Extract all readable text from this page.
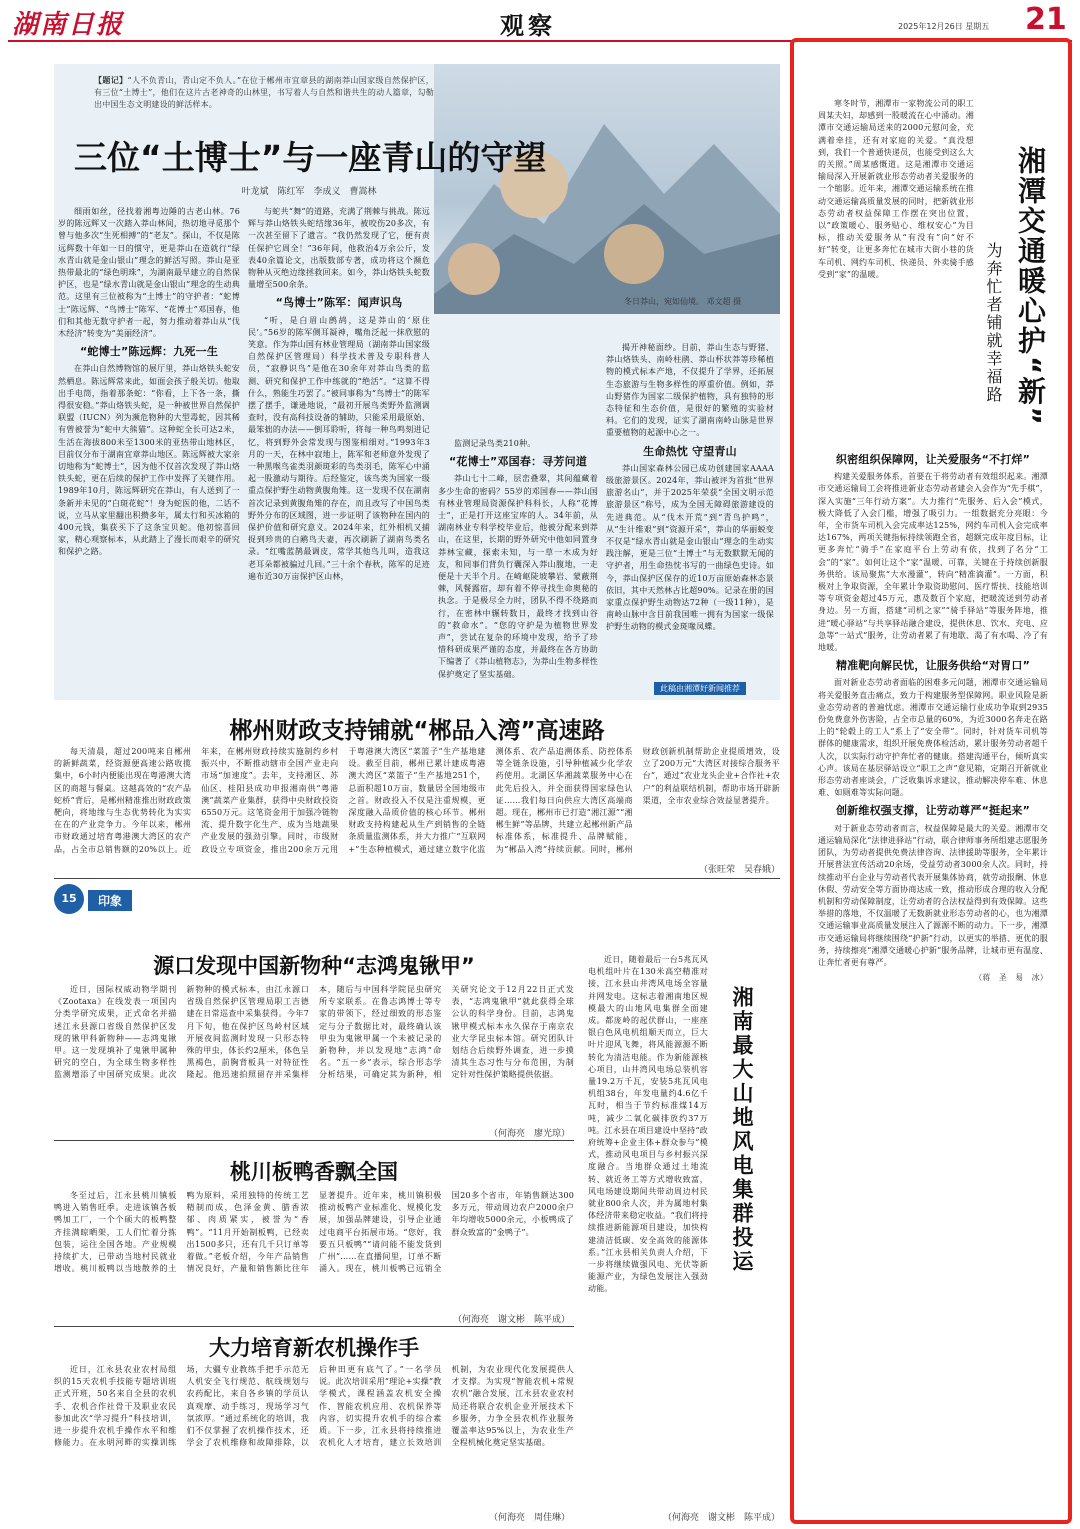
湖南日报	观察	2025年12月26日 星期五 21
【题记】“人不负青山，青山定不负人。”在位于郴州市宜章县的湖南莽山国家级自然保护区，有三位“土博士”，他们在这片古老神奇的山林里，书写着人与自然和谐共生的动人篇章，勾勒出中国生态文明建设的鲜活样本。
三位“土博士”与一座青山的守望
叶龙斌　陈红军　李成义　曹嵩林
冬日莽山，宛如仙境。 邓文超 摄

细雨如丝，径找着湘粤边陲的古老山林。76岁的陈远辉又一次踏入莽山林间，热切地寻觅那个曾与他多次“生死相搏”的“老友”。探山，不仅是陈远辉数十年如一日的惯守，更是莽山在造就行“绿水青山就是金山银山”理念的鲜活写照。莽山是亚热带最北的“绿色明珠”，为湖南最早建立的自然保护区，也是“绿水青山就是金山银山”理念的生动典范。这里有三位被称为“土博士”的守护者：“蛇博士”陈远辉、“鸟博士”陈军、“花博士”邓国春，他们和其他无数守护者一起，努力推动着莽山从“伐木经济”转变为“美丽经济”。

“蛇博士”陈远辉：九死一生

在莽山自然博物馆的展厅里，莽山烙铁头蛇安然栖息。陈远辉常来此，如面会孩子般关切。他取出手电筒，指着那条蛇：“你看，上下各一条，撕得很安稳。”莽山烙铁头蛇，是一种被世界自然保护联盟（IUCN）列为濒危物种的大型毒蛇，因其稀有曾被誉为“蛇中大熊猫”。这种蛇全长可达2米，生活在海拔800米至1300米的亚热带山地林区，目前仅分布于湖南宜章莽山地区。陈远辉被大家亲切地称为“蛇博士”，因为他不仅首次发现了莽山烙铁头蛇，更在后续的保护工作中发挥了关键作用。1989年10月，陈远辉研究在莽山，有人送到了一条新并未见的“白斑花蛇”！身为蛇医的他，二话不说，立马从家里翻出积攒多年，属太行和买冰箱的400元钱，集获买下了这条宝贝蛇。他初惊喜回家，精心观察标本，从此踏上了漫长而艰辛的研究和保护之路。

与蛇共“舞”的道路，充满了荆棘与挑战。陈远辉与莽山烙铁头蛇结缘36年，被咬伤20多次，有一次甚至留下了遗言。“我仍然发现了它，便有责任保护它周全！”36年间，他救治4万余公斤，发表40余篇论文，出版数部专著，成功将这个濒危物种从灭绝边缘拯救回来。如今，莽山烙铁头蛇数量增至500余条。

“鸟博士”陈军：闻声识鸟

“听，是白眉山鹧鸪，这是莽山的‘原住民’。”56岁的陈军侧耳凝神，嘴角泛起一抹欣慰的笑意。作为莽山国有林业管理局（湖南莽山国家级自然保护区管理局）科学技术普及专职科普人员，“寂静识鸟”是他在30余年对莽山鸟类的监测、研究和保护工作中练就的“绝活”。“这算不得什么，熟能生巧罢了。”被同事称为“鸟博士”的陈军摆了摆手，谦逊地说，“最初开展鸟类野外监测调查时，没有高科技设备的辅助，只能采用最原始、最笨拙的办法——倒耳聆听，将每一种鸟鸣刻进记忆，将到野外会常发现与图鉴相细对。”1993年3月的一天，在林中寂地上，陈军和老师意外发现了一种黑喉鸟雀类羽颜斑彩的鸟类羽毛，陈军心中涌起一股激动与期待。后经鉴定，该鸟类为国家一级重点保护野生动物黄腹角雉。这一发现不仅在湖南首次记录到黄腹角雉的存在，而且改写了中国鸟类野外分布的区域图，进一步证明了该物种在国内的保护价值和研究意义。2024年来，红外相机又捕捉到珍贵的白鹇鸟夫妻，再次刷新了湖南鸟类名录。“红嘴蓝鹊最调皮，常学其他鸟儿叫，造我这老耳朵都被骗过几回。”三十余个春秋，陈军的足迹遍布近30万亩保护区山林，

监测记录鸟类210种。

“花博士”邓国春：寻芳问道

莽山七十二峰，层峦叠翠，其间蕴藏着多少生命的密码？55岁的邓国春——莽山国有林业管理局资源保护科科长，人称“花博士”，正是打开这座宝库的人。34年前，从湖南林业专科学校毕业后，他被分配来到莽山，在这里，长期的野外研究中他如同置身莽林宝藏，探索未知，与一草一木成为好友，和同事们背负行囊深入莽山腹地，一走便是十天半个月。在崎岖陡坡攀岩、蒙蔽荆棘，风餐露宿，却有着不停寻找生命奥秘的执念。于是极尽全力时，团队不得不绕路而行，在密林中辗转数日，最终才找到山谷的“救命水”。“您的守护是为植物世界发声”，尝试在复杂的环境中发现，给予了珍惜科研成果严谨的态度，并最终在各方协助下编著了《莽山植物志》，为莽山生物多样性保护奠定了坚实基础。

揭开神秘面纱。目前，莽山生态与野猪、莽山烙铁头、南岭柱鹃、莽山杯状莽等珍稀植物的模式标本产地，不仅提升了学界，还拓展生态旅游与生物多样性的厚重价值。例如，莽山野猪作为国家二级保护植物，具有独特的形态特征和生态价值，是很好的繁殖的实验材料。它们的发现，证实了湖南南岭山脉是世界重要植物的起源中心之一。

生命热忱 守望青山

莽山国家森林公园已成功创建国家AAAA级旅游景区。2024年，莽山被评为首批“世界旅游名山”，并于2025年荣获“全国文明示范旅游景区”称号，成为全国无障碍旅游建设的先进典范。从“伐木开荒”到“青鸟护鸣”，从“生计维艰”到“资源开采”，莽山的华丽蜕变不仅是“绿水青山就是金山银山”理念的生动实践注解，更是三位“土博士”与无数默默无闻的守护者，用生命热忱书写的一曲绿色史诗。如今，莽山保护区保存的近10万亩原始森林态景依旧，其中天然林占比超90%。记录在册的国家重点保护野生动物达72种（一级11种），是南岭山脉中含目前我国唯一拥有为国家一级保护野生动物的模式金斑喙凤蝶。

此稿由湘潭好新闻推荐
郴州财政支持铺就“郴品入湾”高速路

每天清晨，超过200吨来自郴州的新鲜蔬菜，经资源便高速公路收揽集中，6小时内便能出现在粤港澳大湾区的商超与餐桌。这越高效的“农产品蛇桥”背后，是郴州精准推出财政政策靶向，将地缘与生态优势转化为实实在在的产业竞争力。今年以来，郴州市财政通过培育粤港澳大湾区的农产品，占全市总销售额的20%以上。近年来，在郴州财政持续实施制约乡村振兴中，不断推动辖市全国产业走向市场“加速度”。去年，支持湘区、苏仙区、桂阳县成功申报湘南供“粤港澳”蔬菜产业集群，获得中央财政投资6550万元。这笔资金用于加强冷链物流、提升数字化生产、成为当地蔬果产业发展的强劲引擎。同时，市级财政设立专项资金，推出200余万元用于粤港澳大湾区“菜篮子”生产基地建设。截至目前，郴州已累计建成粤港澳大湾区“菜篮子”生产基地251个，总面积超10万亩，数量居全国地级市之首。财政投入不仅是注重规模，更深度融入品质价值的核心环节。郴州财政支持构建起从生产到销售的全链条质量监测体系，并大力推广“互联网+”生态种植模式，通过建立数字化监测体系、农产品追溯体系、防控体系等全链条设施，引导种植减少化学农药使用。北湖区华湘蔬菜服务中心在此先后投入，并全面获得国家绿色认证……我们每日向供应大湾区高端商超。现在，郴州市已打造“湘江源”“湘郴生鲜”等品牌，共建立起郴州新产品标准体系，标准提升、品牌赋能，为“郴品入湾”持续贡献。同时，郴州财政创新机制帮助企业提质增效，设立了200万元“大湾区对接综合服务平台”，通过“农业龙头企业+合作社+农户”的利益联结机制，帮助市场开辟新渠道，全市农业综合效益显著提升。

（张旺荣　吴春娥）
15	印象
源口发现中国新物种“志鸿鬼锹甲”

近日，国际权威动物学期刊《Zootaxa》在线发表一项国内分类学研究成果，正式命名并描述江永县源口省级自然保护区发现的锹甲科新物种——志鸿鬼锹甲。这一发现填补了鬼锹甲属种研究的空白，为全球生物多样性监测增添了中国研究成果。此次新物种的模式标本，由江永源口省级自然保护区管理局职工吉德建在日常巡查中采集获得。今年7月下旬，他在保护区鸟岭村区域开展夜间监测时发现一只形态特殊的甲虫，体长约2厘米，体色呈黑褐色，前胸背板具一对特征性隆起。他迅速拍照留存并采集样本，随后与中国科学院昆虫研究所专家联系。在鲁志鸿博士等专家的带领下，经过细致的形态鉴定与分子数据比对，最终确认该甲虫为鬼锹甲属一个未被记录的新物种，并以发现地“志鸿”命名。“五一乡”表示，综合形态学分析结果，可确定其为新种，相关研究论文于12月22日正式发表，“志鸿鬼锹甲”就此获得全球公认的科学身份。目前，志鸿鬼锹甲模式标本永久保存于南京农业大学昆虫标本馆。研究团队计划结合后续野外调查，进一步摸清其生态习性与分布范围，为制定针对性保护策略提供依据。

（何海亮　廖光琼）
桃川板鸭香飘全国

冬至过后，江永县桃川镇板鸭进入销售旺季。走进该镇各板鸭加工厂，一个个硕大的板鸭整齐挂满晾晒架，工人们忙着分拣包装，运往全国各地。产业规模持续扩大，已带动当地村民就业增收。桃川板鸭以当地散养的土鸭为原料，采用独特的传统工艺精制而成，色泽金黄、腊香浓郁、肉质紧实，被誉为“香鸭”。“11月开始制板鸭，已经卖出1500多只，还有几千只订单等着做。”老板介绍，今年产品销售情况良好，产量和销售额比往年显著提升。近年来，桃川镇积极推动板鸭产业标准化、规模化发展，加强品牌建设，引导企业通过电商平台拓展市场。“您好，我要五只板鸭”“请问能不能发货到广州”……在直播间里，订单不断涌入。现在，桃川板鸭已远销全国20多个省市，年销售额达300多万元，带动周边农户2000余户年均增收5000余元，小板鸭成了群众致富的“金鸭子”。

（何海亮　谢文彬　陈平成）
大力培育新农机操作手

近日，江永县农业农村局组织的15天农机手技能专题培训班正式开班，50名来自全县的农机手、农机合作社骨干及职业农民参加此次“学习提升”科技培训，进一步提升农机手操作水平和维修能力。在永明河畔的实操训练场，大疆专业教练手把手示范无人机安全飞行规范、航线规划与农药配比，来自各乡镇的学员认真观摩、动手练习，现场学习气氛浓厚。“通过系统化的培训，我们不仅掌握了农机操作技术，还学会了农机维修和故障排除，以后种田更有底气了。”一名学员说。此次培训采用“理论+实操”教学模式，课程涵盖农机安全操作、智能农机应用、农机保养等内容，切实提升农机手的综合素质。下一步，江永县将持续推进农机化人才培育，建立长效培训机制，为农业现代化发展提供人才支撑。为实现“智能农机+常规农机”融合发展，江永县农业农村局还将联合农机企业开展技术下乡服务，力争全县农机作业服务覆盖率达95%以上，为农业生产全程机械化奠定坚实基础。

（何海亮　周佳琳）

近日，随着最后一台5兆瓦风电机组叶片在130米高空精准对接，江永县山井湾风电场全容量并网发电。这标志着湘南地区规模最大的山地风电集群全面建成。都庞岭的起伏群山，一座座银白色风电机组顺天而立，巨大叶片迎风飞舞，将风能源源不断转化为清洁电能。作为新能源核心项目，山井湾风电场总装机容量19.2万千瓦，安装5兆瓦风电机组38台，年发电量约4.6亿千瓦时，相当于节约标准煤14万吨，减少二氧化碳排放约37万吨。江永县在项目建设中坚持“政府统筹+企业主体+群众参与”模式，推动风电项目与乡村振兴深度融合。当地群众通过土地流转、就近务工等方式增收致富，风电场建设期间共带动周边村民就业800余人次，并为属地村集体经济带来稳定收益。“我们将持续推进新能源项目建设，加快构建清洁低碳、安全高效的能源体系。”江永县相关负责人介绍，下一步将继续做强风电、光伏等新能源产业，为绿色发展注入强劲动能。

湘南最大山地风电集群投运
（何海亮　谢文彬　陈平成）
湘潭交通暖心护“新”
为奔忙者铺就幸福路

寒冬时节，湘潭市一家物流公司的职工周某夫妇，却感到一股暖流在心中涌动。湘潭市交通运输局送来的2000元慰问金，充满着牵挂，还有对家庭的关爱。“真没想到，我们一个普通快递员，也能受到这么大的关照。”周某感慨道。这是湘潭市交通运输局深入开展新就业形态劳动者关爱服务的一个缩影。近年来，湘潭交通运输系统在推动交通运输高质量发展的同时，把新就业形态劳动者权益保障工作摆在突出位置，以“政策暖心、服务贴心、维权安心”为目标，推动关爱服务从“有没有”向“好不好”转变，让更多奔忙在城市大街小巷的货车司机、网约车司机、快递员、外卖骑手感受到“家”的温暖。

织密组织保障网，让关爱服务“不打烊”

构建关爱服务体系，首要在于将劳动者有效组织起来。湘潭市交通运输局工会将推进新业态劳动者建会入会作为“先手棋”，深入实施“三年行动方案”。大力推行“先服务、后入会”模式，极大降低了入会门槛，增强了吸引力。一组数据充分亮眼：今年，全市货车司机入会完成率达125%，网约车司机入会完成率达167%，两项关键指标持续领跑全省，超额完成年度目标，让更多奔忙“骑手”在家庭平台上劳动有依，找到了名分“工会”的“家”。如何让这个“家”温暖、可靠，关键在于持续创新服务供给。该局聚焦“大水漫灌”，转向“精准滴灌”。一方面，积极对上争取资源，全年累计争取资助慰问、医疗帮扶、技能培训等专项资金超过45万元，惠及数百个家庭，把暖流送到劳动者身边。另一方面，搭建“司机之家”“骑手驿站”等服务阵地，推进“暖心驿站”与共享驿站融合建设，提供休息、饮水、充电、应急等“一站式”服务，让劳动者累了有地歇、渴了有水喝、冷了有地暖。

精准靶向解民忧，让服务供给“对胃口”

面对新业态劳动者面临的困难多元问题，湘潭市交通运输局将关爱服务直击痛点，致力于构建服务型保障网。职业风险是新业态劳动者的普遍忧虑。湘潭市交通运输行业成功争取到2935份免费意外伤害险，占全市总量的60%，为近3000名奔走在路上的“轮毂上的工人”系上了“安全带”。同时，针对货车司机等群体的健康需求，组织开展免费体检活动，累计服务劳动者超千人次，以实际行动守护奔忙者的健康。搭建沟通平台，倾听真实心声。该局在基层驿站设立“职工之声”意见箱，定期召开新就业形态劳动者座谈会，广泛收集诉求建议，推动解决停车难、休息难、如厕难等实际问题。

创新维权强支撑，让劳动尊严“挺起来”

对于新业态劳动者而言，权益保障是最大的关爱。湘潭市交通运输局深化“法律进驿站”行动，联合律师事务所组建志愿服务团队，为劳动者提供免费法律咨询、法律援助等服务，全年累计开展普法宣传活动20余场，受益劳动者3000余人次。同时，持续推动平台企业与劳动者代表开展集体协商，就劳动报酬、休息休假、劳动安全等方面协商达成一致，推动形成合理的收入分配机制和劳动保障制度，让劳动者的合法权益得到有效保障。这些举措的落地，不仅温暖了无数新就业形态劳动者的心，也为湘潭交通运输事业高质量发展注入了源源不断的动力。下一步，湘潭市交通运输局将继续围绕“护新”行动，以更实的举措、更优的服务，持续擦亮“湘潭交通暖心护新”服务品牌，让城市更有温度、让奔忙者更有尊严。

（蒋　圣　易　冰）
